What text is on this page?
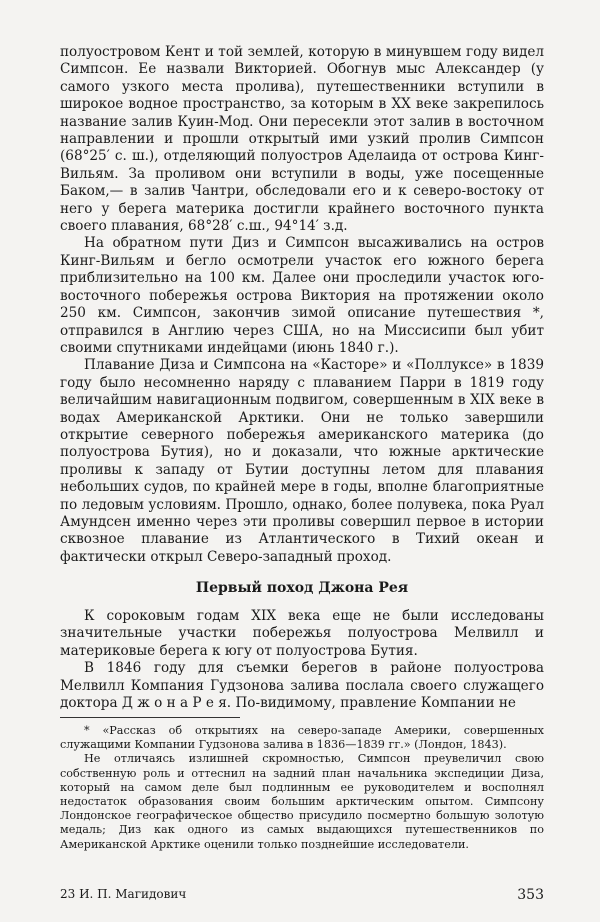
полуостровом Кент и той землей, которую в минувшем году видел Симпсон. Ее назвали Викторией. Обогнув мыс Александер (у самого узкого места пролива), путешественники вступили в широкое водное пространство, за которым в XX веке закрепилось название залив Куин-Мод. Они пересекли этот залив в восточном направлении и прошли открытый ими узкий пролив Симпсон (68°25′ с. ш.), отделяющий полуостров Аделаида от острова Кинг-Вильям. За проливом они вступили в воды, уже посещенные Баком,— в залив Чантри, обследовали его и к северо-востоку от него у берега материка достигли крайнего восточного пункта своего плавания, 68°28′ с.ш., 94°14′ з.д.

На обратном пути Диз и Симпсон высаживались на остров Кинг-Вильям и бегло осмотрели участок его южного берега приблизительно на 100 км. Далее они проследили участок юго-восточного побережья острова Виктория на протяжении около 250 км. Симпсон, закончив зимой описание путешествия *, отправился в Англию через США, но на Миссисипи был убит своими спутниками индейцами (июнь 1840 г.).

Плавание Диза и Симпсона на «Касторе» и «Поллуксе» в 1839 году было несомненно наряду с плаванием Парри в 1819 году величайшим навигационным подвигом, совершенным в XIX веке в водах Американской Арктики. Они не только завершили открытие северного побережья американского материка (до полуострова Бутия), но и доказали, что южные арктические проливы к западу от Бутии доступны летом для плавания небольших судов, по крайней мере в годы, вполне благоприятные по ледовым условиям. Прошло, однако, более полувека, пока Руал Амундсен именно через эти проливы совершил первое в истории сквозное плавание из Атлантического в Тихий океан и фактически открыл Северо-западный проход.

Первый поход Джона Рея

К сороковым годам XIX века еще не были исследованы значительные участки побережья полуострова Мелвилл и материковые берега к югу от полуострова Бутия.

В 1846 году для съемки берегов в районе полуострова Мелвилл Компания Гудзонова залива послала своего служащего доктора Д ж о н а Р е я. По-видимому, правление Компании не

* «Рассказ об открытиях на северо-западе Америки, совершенных служащими Компании Гудзонова залива в 1836—1839 гг.» (Лондон, 1843).

Не отличаясь излишней скромностью, Симпсон преувеличил свою собственную роль и оттеснил на задний план начальника экспедиции Диза, который на самом деле был подлинным ее руководителем и восполнял недостаток образования своим большим арктическим опытом. Симпсону Лондонское географическое общество присудило посмертно большую золотую медаль; Диз как одного из самых выдающихся путешественников по Американской Арктике оценили только позднейшие исследователи.

23 И. П. Магидович	353
